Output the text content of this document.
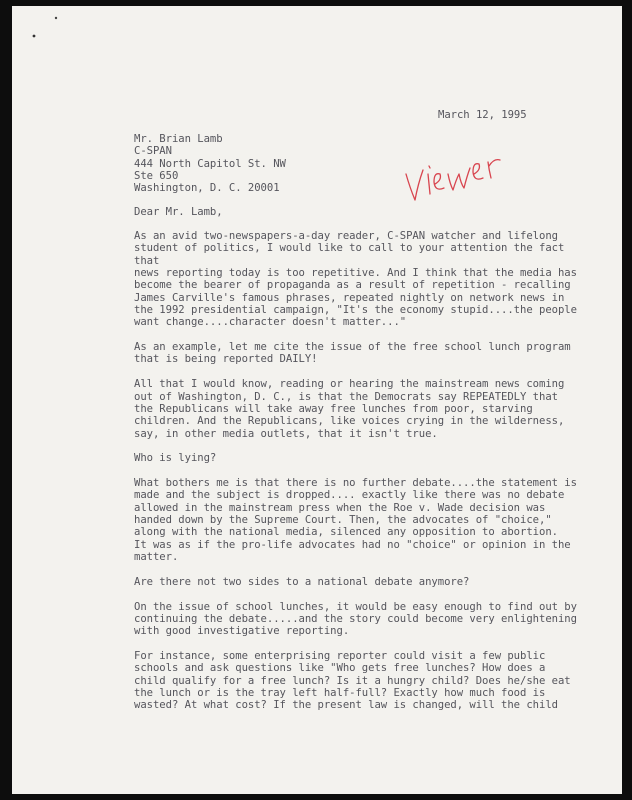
March 12, 1995
Mr. Brian Lamb
C-SPAN
444 North Capitol St. NW
Ste 650
Washington, D. C. 20001
Dear Mr. Lamb,

As an avid two-newspapers-a-day reader, C-SPAN watcher and lifelong
student of politics, I would like to call to your attention the fact that
news reporting today is too repetitive. And I think that the media has
become the bearer of propaganda as a result of repetition - recalling
James Carville's famous phrases, repeated nightly on network news in
the 1992 presidential campaign, "It's the economy stupid....the people
want change....character doesn't matter..."

As an example, let me cite the issue of the free school lunch program
that is being reported DAILY!

All that I would know, reading or hearing the mainstream news coming
out of Washington, D. C., is that the Democrats say REPEATEDLY that
the Republicans will take away free lunches from poor, starving
children. And the Republicans, like voices crying in the wilderness,
say, in other media outlets, that it isn't true.

Who is lying?

What bothers me is that there is no further debate....the statement is
made and the subject is dropped.... exactly like there was no debate
allowed in the mainstream press when the Roe v. Wade decision was
handed down by the Supreme Court. Then, the advocates of "choice,"
along with the national media, silenced any opposition to abortion.
It was as if the pro-life advocates had no "choice" or opinion in the
matter.

Are there not two sides to a national debate anymore?

On the issue of school lunches, it would be easy enough to find out by
continuing the debate.....and the story could become very enlightening
with good investigative reporting.

For instance, some enterprising reporter could visit a few public
schools and ask questions like "Who gets free lunches? How does a
child qualify for a free lunch? Is it a hungry child? Does he/she eat
the lunch or is the tray left half-full? Exactly how much food is
wasted? At what cost? If the present law is changed, will the child
